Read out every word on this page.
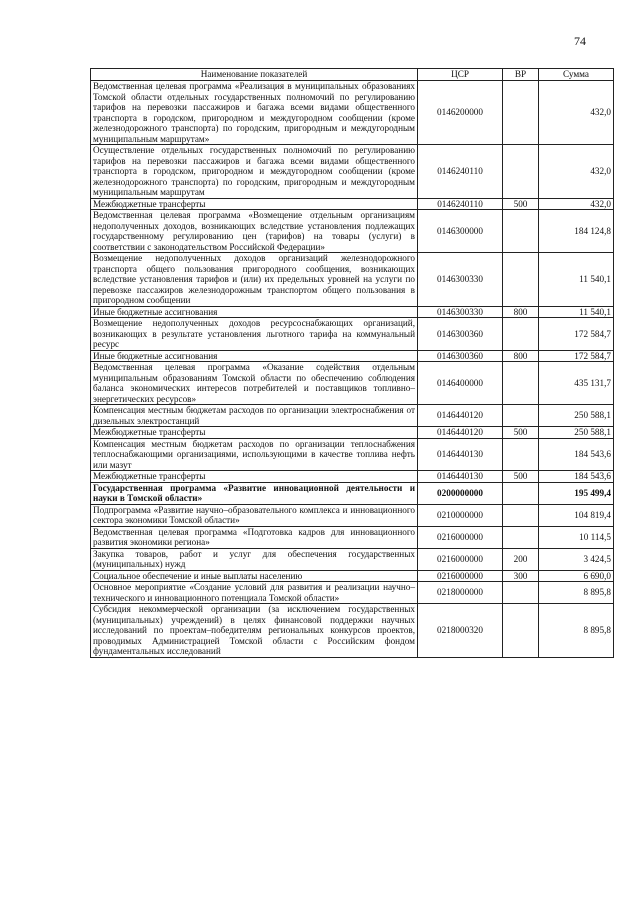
74
Наименование показателей	ЦСР	ВР	Сумма
Ведомственная целевая программа «Реализация в муниципальных образованиях Томской области отдельных государственных полномочий по регулированию тарифов на перевозки пассажиров и багажа всеми видами общественного транспорта в городском, пригородном и междугородном сообщении (кроме железнодорожного транспорта) по городским, пригородным и междугородным муниципальным маршрутам»	0146200000		432,0
Осуществление отдельных государственных полномочий по регулированию тарифов на перевозки пассажиров и багажа всеми видами общественного транспорта в городском, пригородном и междугородном сообщении (кроме железнодорожного транспорта) по городским, пригородным и междугородным муниципальным маршрутам	0146240110		432,0
Межбюджетные трансферты	0146240110	500	432,0
Ведомственная целевая программа «Возмещение отдельным организациям недополученных доходов, возникающих вследствие установления подлежащих государственному регулированию цен (тарифов) на товары (услуги) в соответствии с законодательством Российской Федерации»	0146300000		184 124,8
Возмещение недополученных доходов организаций железнодорожного транспорта общего пользования пригородного сообщения, возникающих вследствие установления тарифов и (или) их предельных уровней на услуги по перевозке пассажиров железнодорожным транспортом общего пользования в пригородном сообщении	0146300330		11 540,1
Иные бюджетные ассигнования	0146300330	800	11 540,1
Возмещение недополученных доходов ресурсоснабжающих организаций, возникающих в результате установления льготного тарифа на коммунальный ресурс	0146300360		172 584,7
Иные бюджетные ассигнования	0146300360	800	172 584,7
Ведомственная целевая программа «Оказание содействия отдельным муниципальным образованиям Томской области по обеспечению соблюдения баланса экономических интересов потребителей и поставщиков топливно–энергетических ресурсов»	0146400000		435 131,7
Компенсация местным бюджетам расходов по организации электроснабжения от дизельных электростанций	0146440120		250 588,1
Межбюджетные трансферты	0146440120	500	250 588,1
Компенсация местным бюджетам расходов по организации теплоснабжения теплоснабжающими организациями, использующими в качестве топлива нефть или мазут	0146440130		184 543,6
Межбюджетные трансферты	0146440130	500	184 543,6
Государственная программа «Развитие инновационной деятельности и науки в Томской области»	0200000000		195 499,4
Подпрограмма «Развитие научно–образовательного комплекса и инновационного сектора экономики Томской области»	0210000000		104 819,4
Ведомственная целевая программа «Подготовка кадров для инновационного развития экономики региона»	0216000000		10 114,5
Закупка товаров, работ и услуг для обеспечения государственных (муниципальных) нужд	0216000000	200	3 424,5
Социальное обеспечение и иные выплаты населению	0216000000	300	6 690,0
Основное мероприятие «Создание условий для развития и реализации научно–технического и инновационного потенциала Томской области»	0218000000		8 895,8
Субсидия некоммерческой организации (за исключением государственных (муниципальных) учреждений) в целях финансовой поддержки научных исследований по проектам–победителям региональных конкурсов проектов, проводимых Администрацией Томской области с Российским фондом фундаментальных исследований	0218000320		8 895,8
